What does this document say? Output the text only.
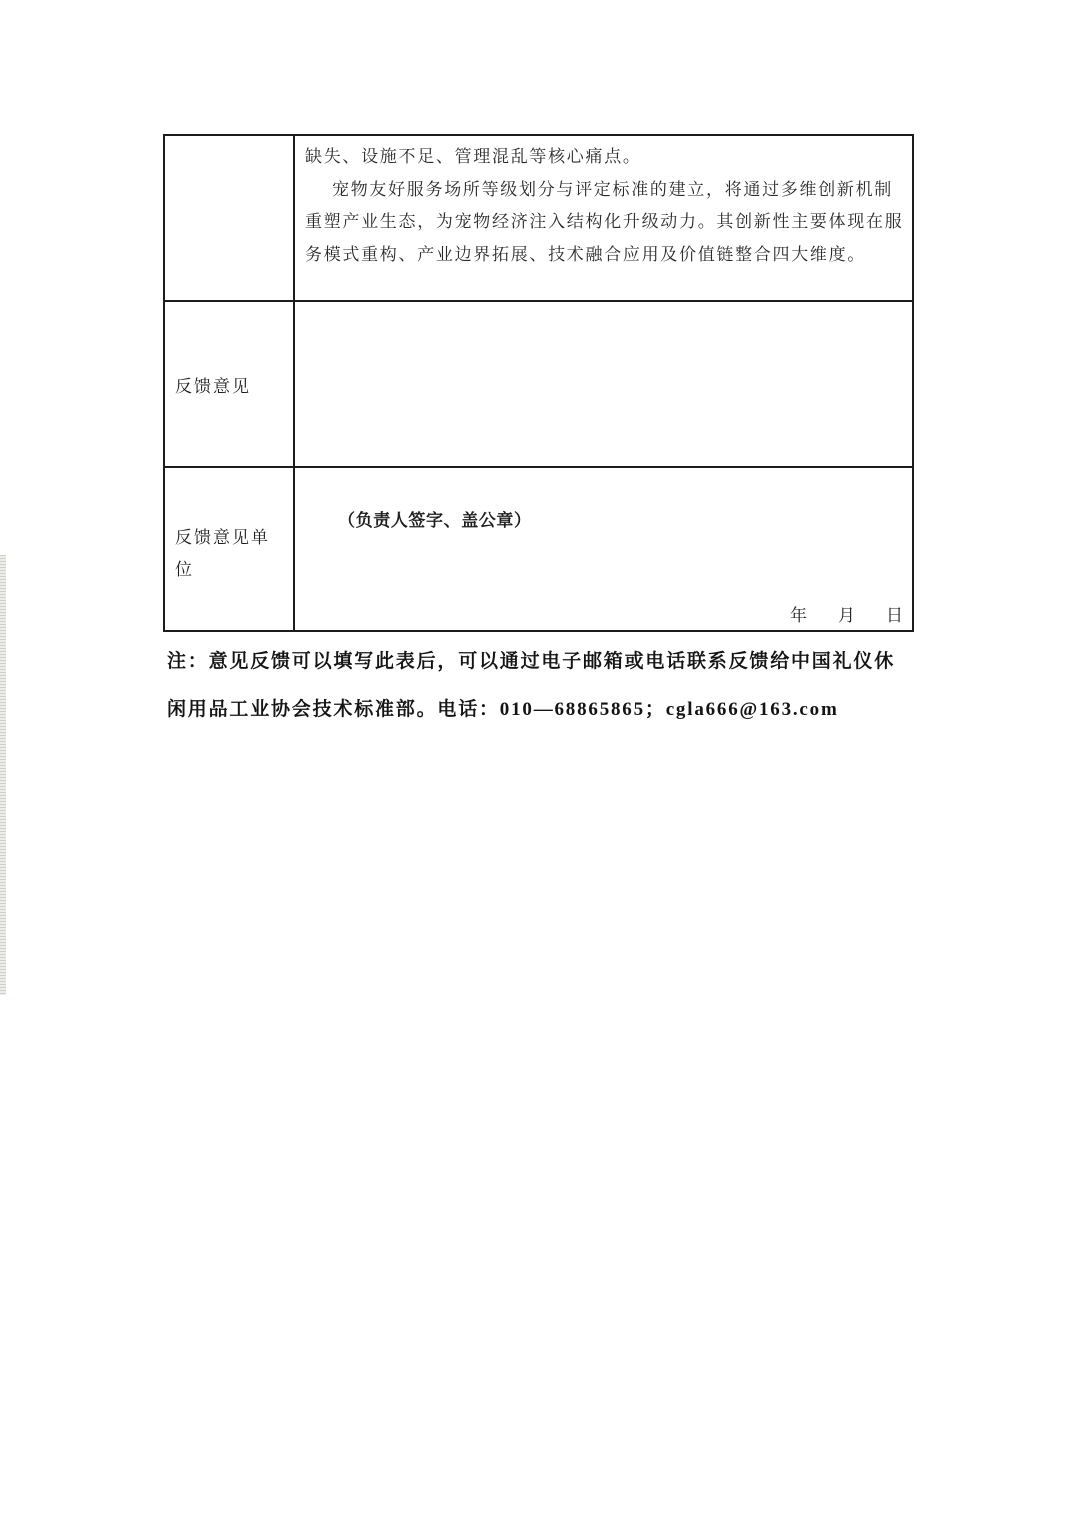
缺失、设施不足、管理混乱等核心痛点。
宠物友好服务场所等级划分与评定标准的建立，将通过多维创新机制
重塑产业生态，为宠物经济注入结构化升级动力。其创新性主要体现在服
务模式重构、产业边界拓展、技术融合应用及价值链整合四大维度。
反馈意见
反馈意见单位
（负责人签字、盖公章）
年 月 日
注：意见反馈可以填写此表后，可以通过电子邮箱或电话联系反馈给中国礼仪休
闲用品工业协会技术标准部。电话：010—68865865；cgla666@163.com
